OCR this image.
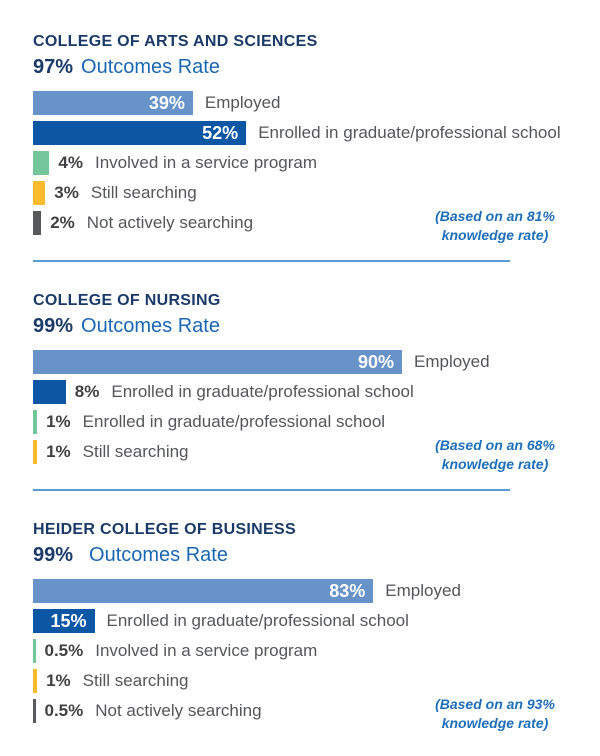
COLLEGE OF ARTS AND SCIENCES
97% Outcomes Rate
39%	Employed
52%	Enrolled in graduate/professional school
4% Involved in a service program
3% Still searching
2% Not actively searching	(Based on an 81% knowledge rate)
COLLEGE OF NURSING
99% Outcomes Rate
90%	Employed
8% Enrolled in graduate/professional school
1% Enrolled in graduate/professional school
1% Still searching	(Based on an 68% knowledge rate)
HEIDER COLLEGE OF BUSINESS
99% Outcomes Rate
83%	Employed
15%	Enrolled in graduate/professional school
0.5% Involved in a service program
1% Still searching
0.5% Not actively searching	(Based on an 93% knowledge rate)
